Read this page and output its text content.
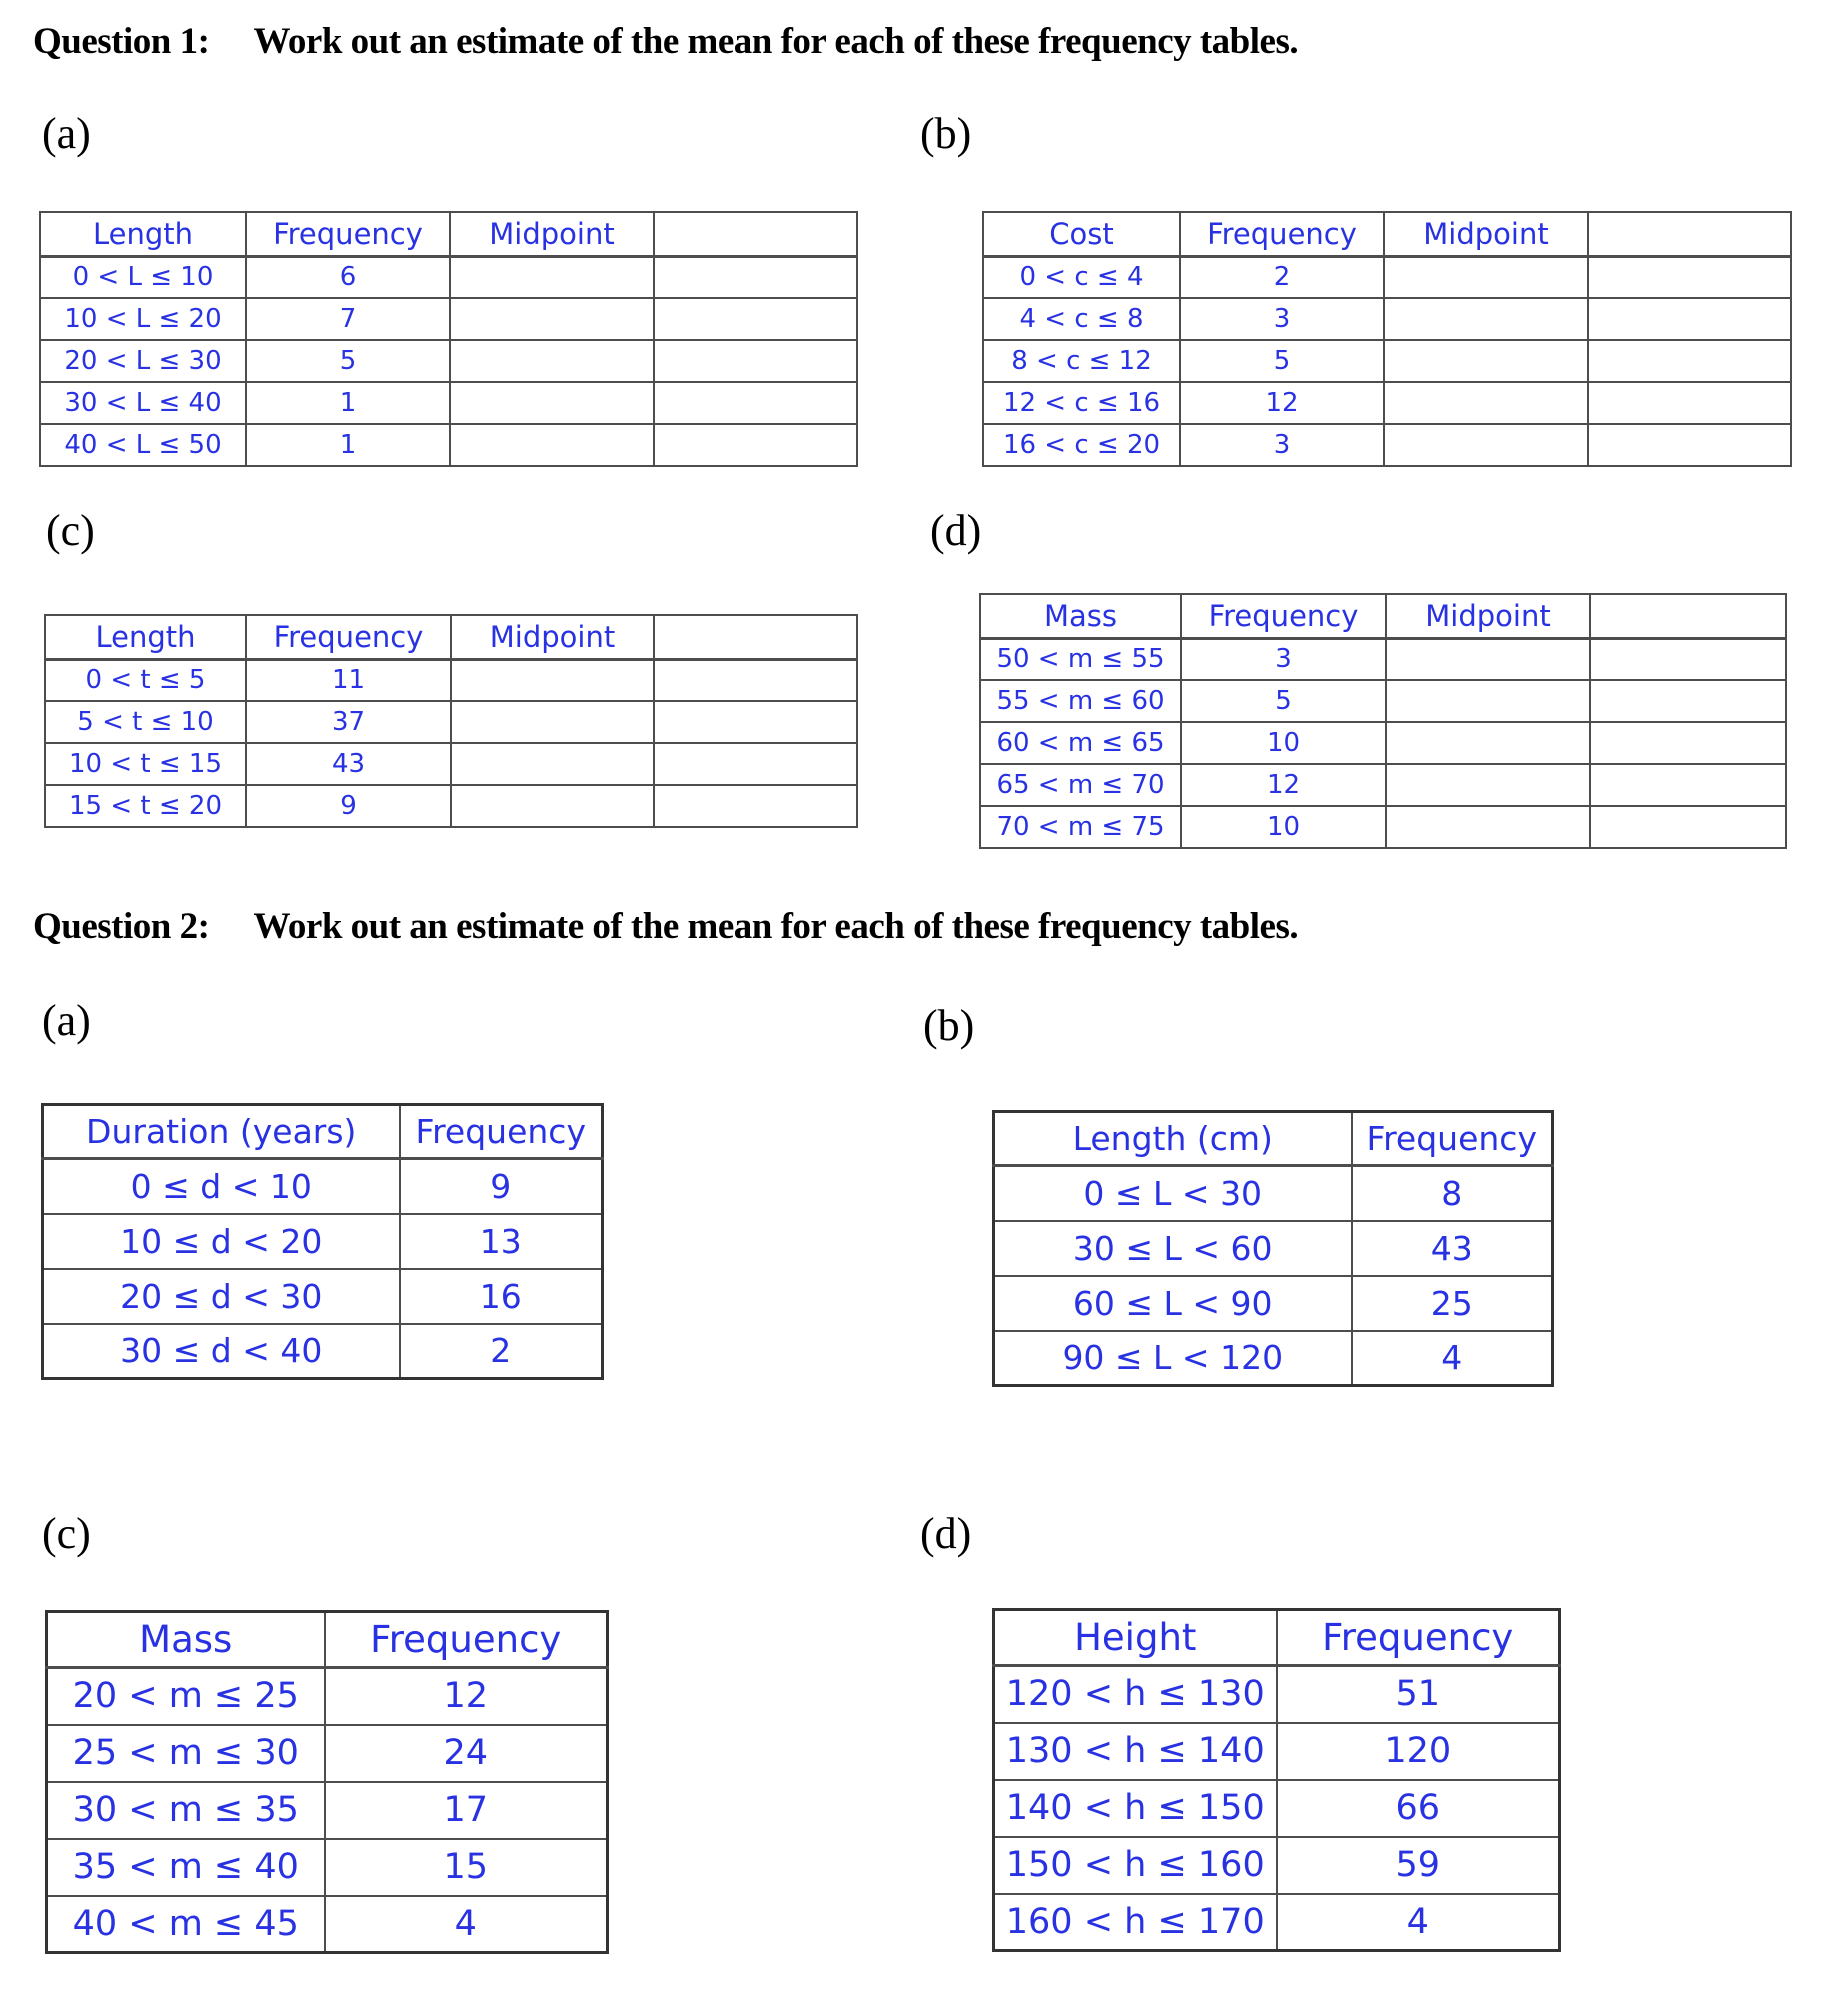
Question 1: Work out an estimate of the mean for each of these frequency tables.
(a)
Length	Frequency	Midpoint	
0 < L ≤ 10	6		
10 < L ≤ 20	7		
20 < L ≤ 30	5		
30 < L ≤ 40	1		
40 < L ≤ 50	1		
(b)
Cost	Frequency	Midpoint	
0 < c ≤ 4	2		
4 < c ≤ 8	3		
8 < c ≤ 12	5		
12 < c ≤ 16	12		
16 < c ≤ 20	3		
(c)
Length	Frequency	Midpoint	
0 < t ≤ 5	11		
5 < t ≤ 10	37		
10 < t ≤ 15	43		
15 < t ≤ 20	9		
(d)
Mass	Frequency	Midpoint	
50 < m ≤ 55	3		
55 < m ≤ 60	5		
60 < m ≤ 65	10		
65 < m ≤ 70	12		
70 < m ≤ 75	10		
Question 2: Work out an estimate of the mean for each of these frequency tables.
(a)
Duration (years)	Frequency
0 ≤ d < 10	9
10 ≤ d < 20	13
20 ≤ d < 30	16
30 ≤ d < 40	2
(b)
Length (cm)	Frequency
0 ≤ L < 30	8
30 ≤ L < 60	43
60 ≤ L < 90	25
90 ≤ L < 120	4
(c)
Mass	Frequency
20 < m ≤ 25	12
25 < m ≤ 30	24
30 < m ≤ 35	17
35 < m ≤ 40	15
40 < m ≤ 45	4
(d)
Height	Frequency
120 < h ≤ 130	51
130 < h ≤ 140	120
140 < h ≤ 150	66
150 < h ≤ 160	59
160 < h ≤ 170	4
